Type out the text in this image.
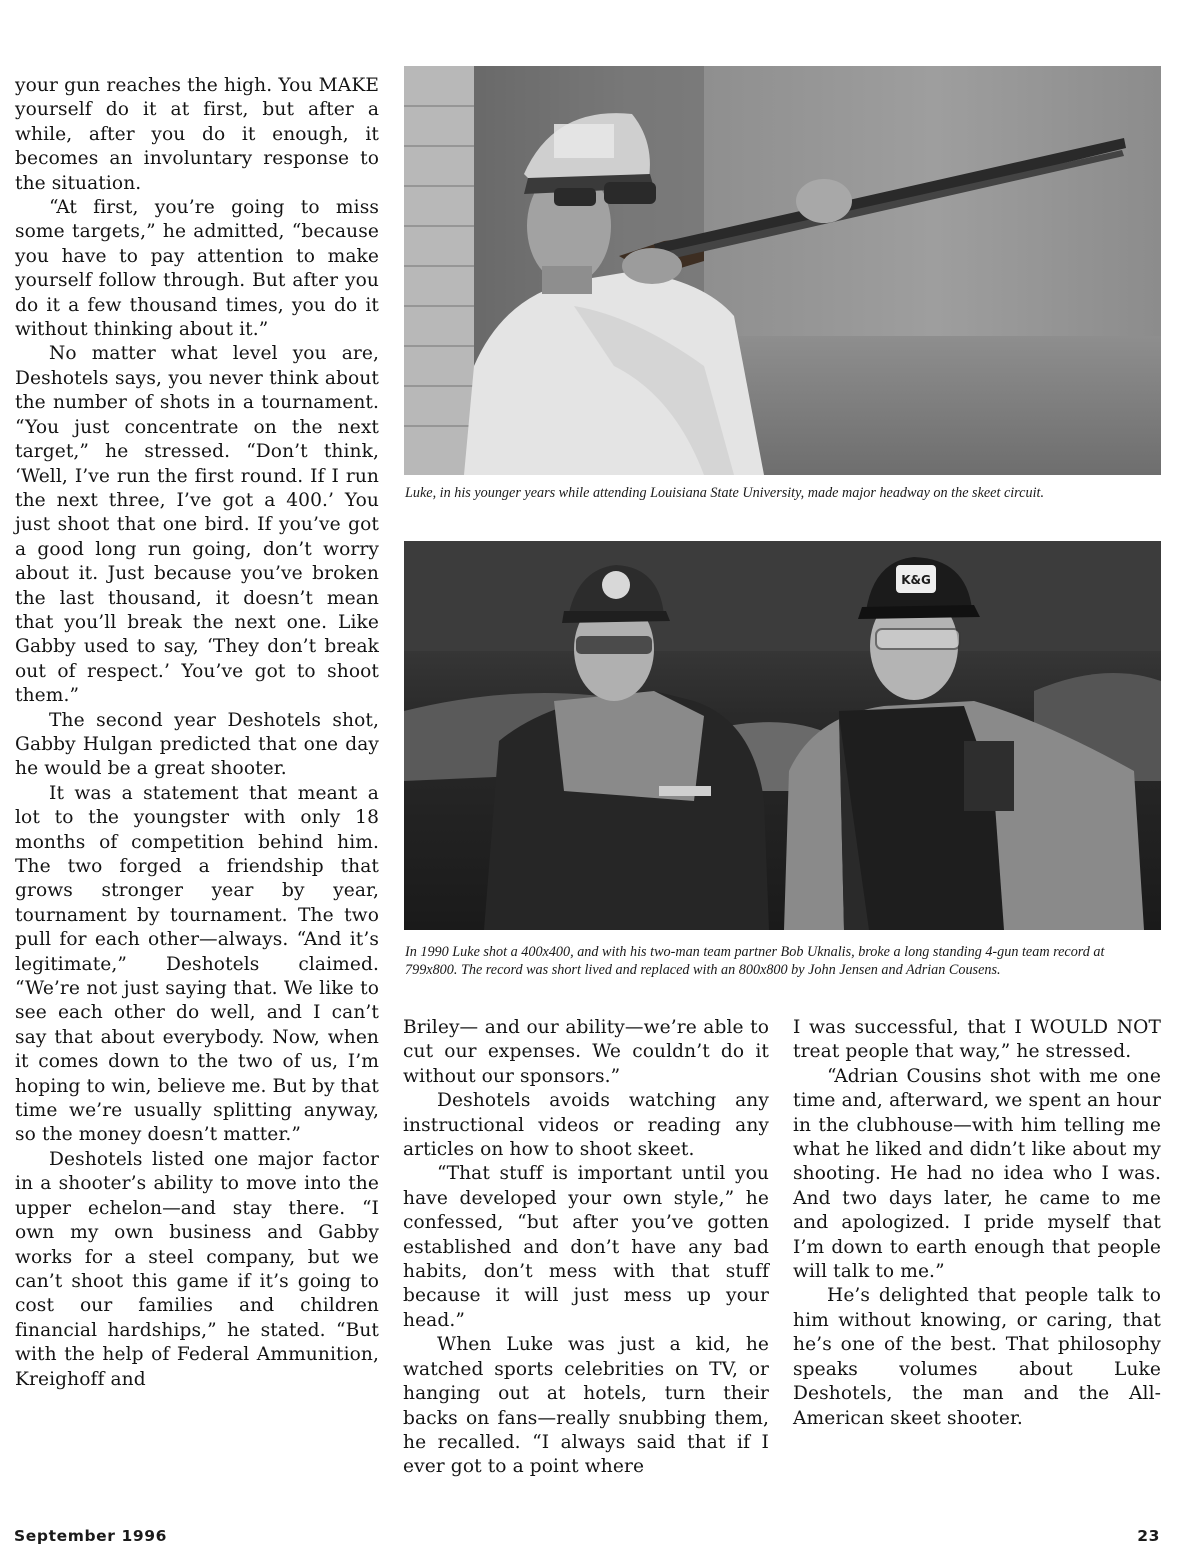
your gun reaches the high. You MAKE yourself do it at first, but after a while, after you do it enough, it becomes an involuntary response to the situation.

“At first, you’re going to miss some targets,” he admitted, “because you have to pay attention to make yourself follow through. But after you do it a few thousand times, you do it without thinking about it.”

No matter what level you are, Deshotels says, you never think about the number of shots in a tournament. “You just concentrate on the next target,” he stressed. “Don’t think, ‘Well, I’ve run the first round. If I run the next three, I’ve got a 400.’ You just shoot that one bird. If you’ve got a good long run going, don’t worry about it. Just because you’ve broken the last thousand, it doesn’t mean that you’ll break the next one. Like Gabby used to say, ‘They don’t break out of respect.’ You’ve got to shoot them.”

The second year Deshotels shot, Gabby Hulgan predicted that one day he would be a great shooter.

It was a statement that meant a lot to the youngster with only 18 months of competition behind him. The two forged a friendship that grows stronger year by year, tournament by tournament. The two pull for each other—always. “And it’s legitimate,” Deshotels claimed. “We’re not just saying that. We like to see each other do well, and I can’t say that about everybody. Now, when it comes down to the two of us, I’m hoping to win, believe me. But by that time we’re usually splitting anyway, so the money doesn’t matter.”

Deshotels listed one major factor in a shooter’s ability to move into the upper echelon—and stay there. “I own my own business and Gabby works for a steel company, but we can’t shoot this game if it’s going to cost our families and children financial hardships,” he stated. “But with the help of Federal Ammunition, Kreighoff and

Luke, in his younger years while attending Louisiana State University, made major headway on the skeet circuit.
K&G
In 1990 Luke shot a 400x400, and with his two-man team partner Bob Uknalis, broke a long standing 4-gun team record at 799x800. The record was short lived and replaced with an 800x800 by John Jensen and Adrian Cousens.

Briley— and our ability—we’re able to cut our expenses. We couldn’t do it without our sponsors.”

Deshotels avoids watching any instructional videos or reading any articles on how to shoot skeet.

“That stuff is important until you have developed your own style,” he confessed, “but after you’ve gotten established and don’t have any bad habits, don’t mess with that stuff because it will just mess up your head.”

When Luke was just a kid, he watched sports celebrities on TV, or hanging out at hotels, turn their backs on fans—really snubbing them, he recalled. “I always said that if I ever got to a point where

I was successful, that I WOULD NOT treat people that way,” he stressed.

“Adrian Cousins shot with me one time and, afterward, we spent an hour in the clubhouse—with him telling me what he liked and didn’t like about my shooting. He had no idea who I was. And two days later, he came to me and apologized. I pride myself that I’m down to earth enough that people will talk to me.”

He’s delighted that people talk to him without knowing, or caring, that he’s one of the best. That philosophy speaks volumes about Luke Deshotels, the man and the All-American skeet shooter.

September 1996	23
